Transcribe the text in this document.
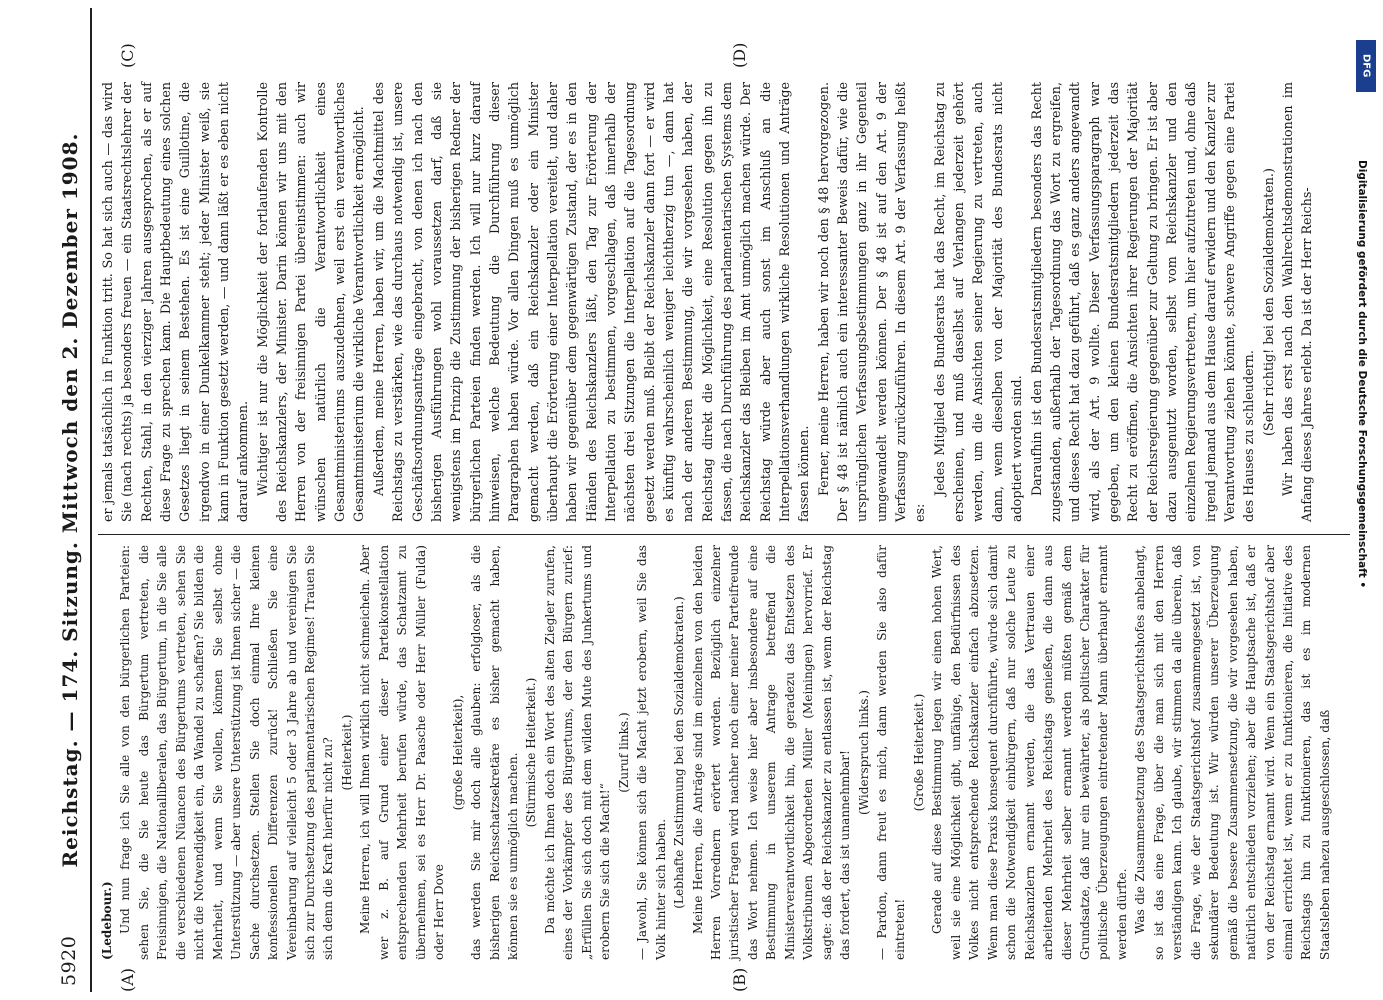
5920
Reichstag. — 174. Sitzung. Mittwoch den 2. Dezember 1908.
(A)	(B)
(C)	(D)

(Ledebour.) Und nun frage ich Sie alle von den bürgerlichen Parteien: sehen Sie, die Sie heute das Bürgertum vertreten, die Freisinnigen, die Nationalliberalen, das Bürgertum, in die Sie alle die verschiedenen Nüancen des Bürgertums vertreten, sehen Sie nicht die Notwendigkeit ein, da Wandel zu schaffen? Sie bilden die Mehrheit, und wenn Sie wollen, können Sie selbst ohne Unterstützung — aber unsere Unterstützung ist Ihnen sicher — die Sache durchsetzen. Stellen Sie doch einmal Ihre kleinen konfessionellen Differenzen zurück! Schließen Sie eine Vereinbarung auf vielleicht 5 oder 3 Jahre ab und vereinigen Sie sich zur Durchsetzung des parlamentarischen Regimes! Trauen Sie sich denn die Kraft hierfür nicht zu? (Heiterkeit.) Meine Herren, ich will Ihnen wirklich nicht schmeicheln. Aber wer z. B. auf Grund einer dieser Parteikonstellation entsprechenden Mehrheit berufen würde, das Schatzamt zu übernehmen, sei es Herr Dr. Paasche oder Herr Müller (Fulda) oder Herr Dove

(große Heiterkeit), das werden Sie mir doch alle glauben: erfolgloser, als die bisherigen Reichsschatzsekretäre es bisher gemacht haben, können sie es unmöglich machen. (Stürmische Heiterkeit.) Da möchte ich Ihnen doch ein Wort des alten Ziegler zurufen, eines der Vorkämpfer des Bürgertums, der den Bürgern zurief: „Erfüllen Sie sich doch mit dem wilden Mute des Junkertums und erobern Sie sich die Macht!“

(Zuruf links.) — Jawohl, Sie können sich die Macht jetzt erobern, weil Sie das Volk hinter sich haben. (Lebhafte Zustimmung bei den Sozialdemokraten.) Meine Herren, die Anträge sind im einzelnen von den beiden Herren Vorrednern erörtert worden. Bezüglich einzelner juristischer Fragen wird nachher noch einer meiner Parteifreunde das Wort nehmen. Ich weise hier aber insbesondere auf eine Bestimmung in unserem Antrage betreffend die Ministerverantwortlichkeit hin, die geradezu das Entsetzen des Volkstribunen Abgeordneten Müller (Meiningen) hervorrief. Er sagte: daß der Reichskanzler zu entlassen ist, wenn der Reichstag das fordert, das ist unannehmbar! (Widerspruch links.) — Pardon, dann freut es mich, dann werden Sie also dafür eintreten!

(Große Heiterkeit.) Gerade auf diese Bestimmung legen wir einen hohen Wert, weil sie eine Möglichkeit gibt, unfähige, den Bedürfnissen des Volkes nicht entsprechende Reichskanzler einfach abzusetzen. Wenn man diese Praxis konsequent durchführte, würde sich damit schon die Notwendigkeit einbürgern, daß nur solche Leute zu Reichskanzlern ernannt werden, die das Vertrauen einer arbeitenden Mehrheit des Reichstags genießen, die dann aus dieser Mehrheit selber ernannt werden müßten gemäß dem Grundsatze, daß nur ein bewährter, als politischer Charakter für politische Überzeugungen eintretender Mann überhaupt ernannt werden dürfte. Was die Zusammensetzung des Staatsgerichtshofes anbelangt, so ist das eine Frage, über die man sich mit den Herren verständigen kann. Ich glaube, wir stimmen da alle überein, daß die Frage, wie der Staatsgerichtshof zusammengesetzt ist, von sekundärer Bedeutung ist. Wir würden unserer Überzeugung gemäß die bessere Zusammensetzung, die wir vorgesehen haben, natürlich entschieden vorziehen; aber die Hauptsache ist, daß er von der Reichstag ernannt wird. Wenn ein Staatsgerichtshof aber einmal errichtet ist, wenn er zu funktionieren, die Initiative des Reichstags hin zu funktionieren, das ist es im modernen Staatsleben nahezu ausgeschlossen, daß

er jemals tatsächlich in Funktion tritt. So hat sich auch — das wird Sie (nach rechts) ja besonders freuen — ein Staatsrechtslehrer der Rechten, Stahl, in den vierziger Jahren ausgesprochen, als er auf diese Frage zu sprechen kam. Die Hauptbedeutung eines solchen Gesetzes liegt in seinem Bestehen. Es ist eine Guillotine, die irgendwo in einer Dunkelkammer steht; jeder Minister weiß, sie kann in Funktion gesetzt werden, — und dann läßt er es eben nicht darauf ankommen. Wichtiger ist nur die Möglichkeit der fortlaufenden Kontrolle des Reichskanzlers, der Minister. Darin können wir uns mit den Herren von der freisinnigen Partei übereinstimmen: auch wir wünschen natürlich die Verantwortlichkeit eines Gesamtministeriums auszudehnen, weil erst ein verantwortliches Gesamtministerium die wirkliche Verantwortlichkeit ermöglicht. Außerdem, meine Herren, haben wir, um die Machtmittel des Reichstags zu verstärken, wie das durchaus notwendig ist, unsere Geschäftsordnungsanträge eingebracht, von denen ich nach den bisherigen Ausführungen wohl voraussetzen darf, daß sie wenigstens im Prinzip die Zustimmung der bisherigen Redner der bürgerlichen Parteien finden werden. Ich will nur kurz darauf hinweisen, welche Bedeutung die Durchführung dieser Paragraphen haben würde. Vor allen Dingen muß es unmöglich gemacht werden, daß ein Reichskanzler oder ein Minister überhaupt die Erörterung einer Interpellation vereitelt, und daher haben wir gegenüber dem gegenwärtigen Zustand, der es in den Händen des Reichskanzlers läßt, den Tag zur Erörterung der Interpellation zu bestimmen, vorgeschlagen, daß innerhalb der nächsten drei Sitzungen die Interpellation auf die Tagesordnung gesetzt werden muß. Bleibt der Reichskanzler dann fort — er wird es künftig wahrscheinlich weniger leichtherzig tun —, dann hat nach der anderen Bestimmung, die wir vorgesehen haben, der Reichstag direkt die Möglichkeit, eine Resolution gegen ihn zu fassen, die nach Durchführung des parlamentarischen Systems dem Reichskanzler das Bleiben im Amt unmöglich machen würde. Der Reichstag würde aber auch sonst im Anschluß an die Interpellationsverhandlungen wirkliche Resolutionen und Anträge fassen können. Ferner, meine Herren, haben wir noch den § 48 hervorgezogen. Der § 48 ist nämlich auch ein interessanter Beweis dafür, wie die ursprünglichen Verfassungsbestimmungen ganz in ihr Gegenteil umgewandelt werden können. Der § 48 ist auf den Art. 9 der Verfassung zurückzuführen. In diesem Art. 9 der Verfassung heißt es:

Jedes Mitglied des Bundesrats hat das Recht, im Reichstag zu erscheinen, und muß daselbst auf Verlangen jederzeit gehört werden, um die Ansichten seiner Regierung zu vertreten, auch dann, wenn dieselben von der Majorität des Bundesrats nicht adoptiert worden sind. Daraufhin ist den Bundesratsmitgliedern besonders das Recht zugestanden, außerhalb der Tagesordnung das Wort zu ergreifen, und dieses Recht hat dazu geführt, daß es ganz anders angewandt wird, als der Art. 9 wollte. Dieser Verfassungsparagraph war gegeben, um den kleinen Bundesratsmitgliedern jederzeit das Recht zu eröffnen, die Ansichten ihrer Regierungen der Majorität der Reichsregierung gegenüber zur Geltung zu bringen. Er ist aber dazu ausgenutzt worden, selbst vom Reichskanzler und den einzelnen Regierungsvertretern, um hier aufzutreten und, ohne daß irgend jemand aus dem Hause darauf erwidern und den Kanzler zur Verantwortung ziehen könnte, schwere Angriffe gegen eine Partei des Hauses zu schleudern.

(Sehr richtig! bei den Sozialdemokraten.) Wir haben das erst nach den Wahlrechtsdemonstrationen im Anfang dieses Jahres erlebt. Da ist der Herr Reichs-

DFG
Digitalisierung gefördert durch die Deutsche Forschungsgemeinschaft •
